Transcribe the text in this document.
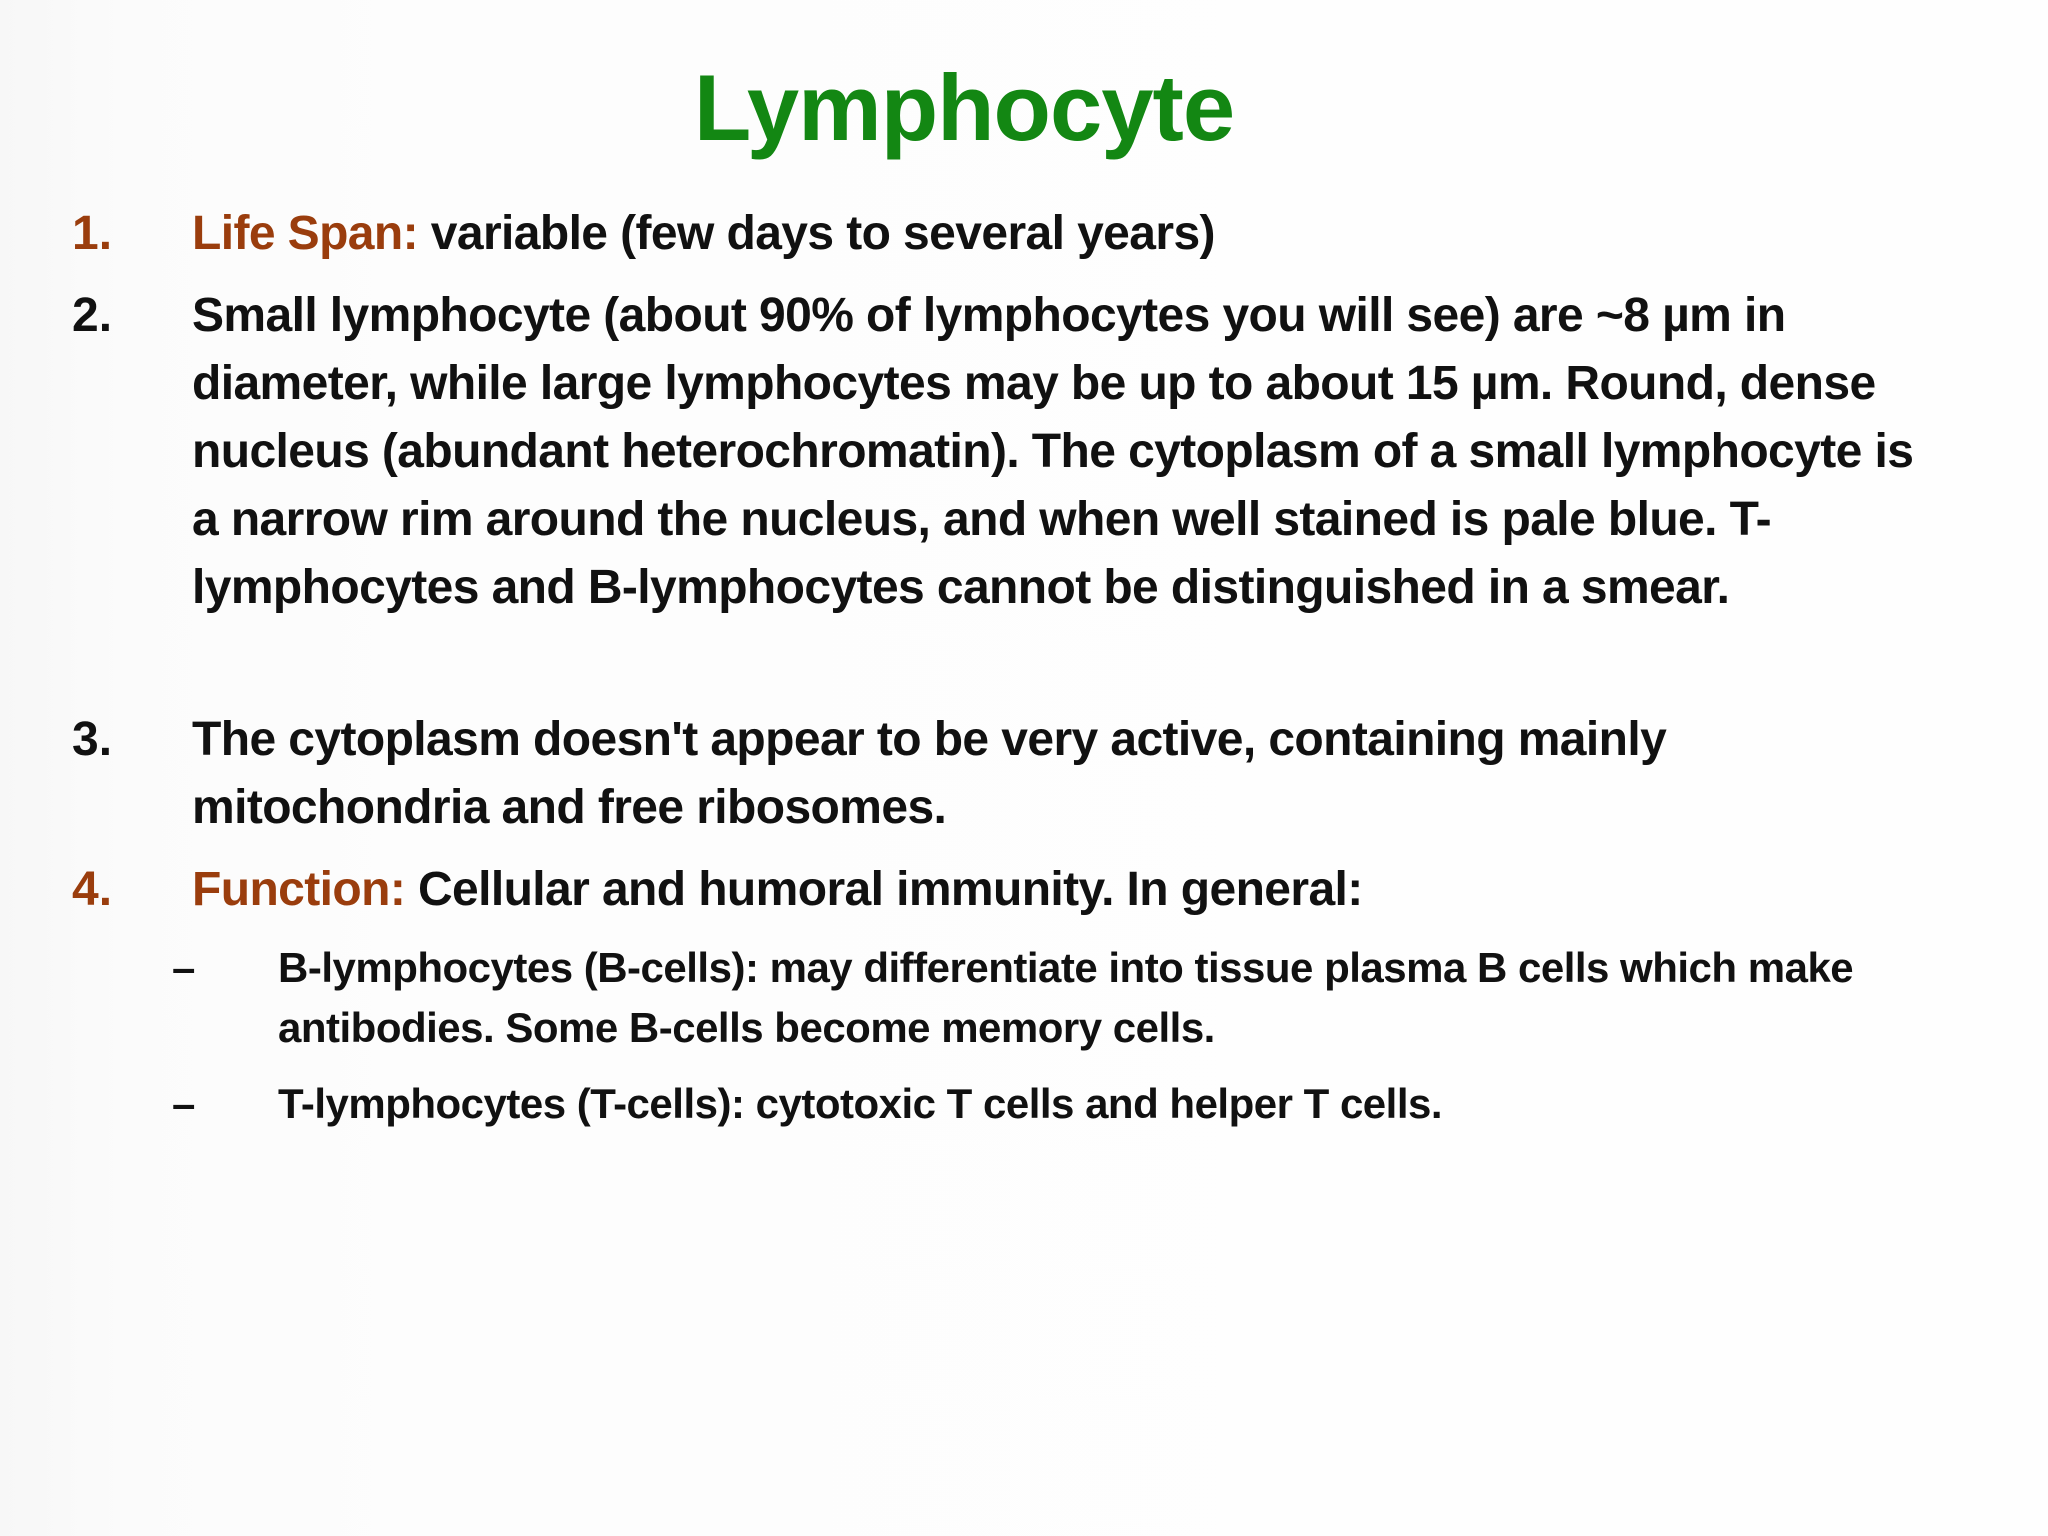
Lymphocyte
1. Life Span: variable (few days to several years)
2. Small lymphocyte (about 90% of lymphocytes you will see) are ~8 µm in diameter, while large lymphocytes may be up to about 15 µm. Round, dense nucleus (abundant heterochromatin). The cytoplasm of a small lymphocyte is a narrow rim around the nucleus, and when well stained is pale blue. T-lymphocytes and B-lymphocytes cannot be distinguished in a smear.
3. The cytoplasm doesn't appear to be very active, containing mainly mitochondria and free ribosomes.
4. Function: Cellular and humoral immunity. In general:
– B-lymphocytes (B-cells): may differentiate into tissue plasma B cells which make antibodies. Some B-cells become memory cells.
– T-lymphocytes (T-cells): cytotoxic T cells and helper T cells.
